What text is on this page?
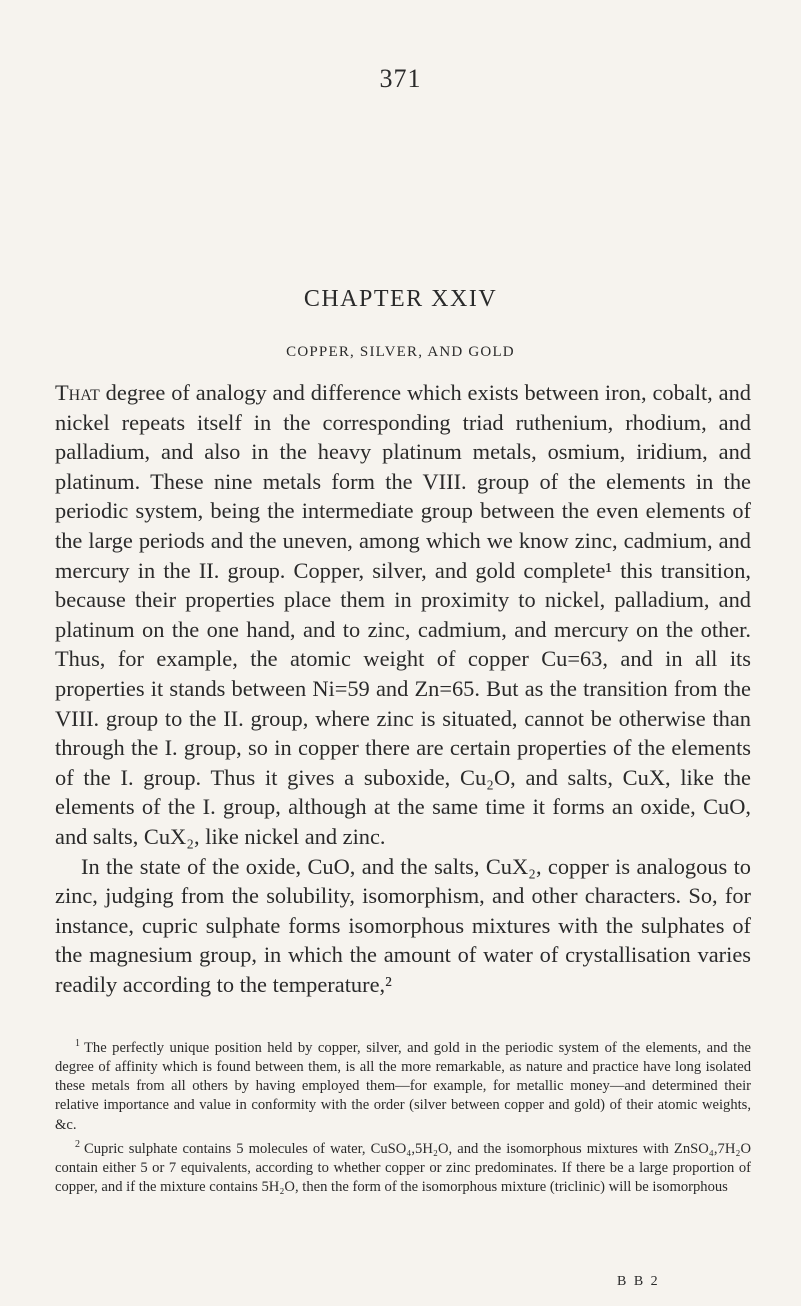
371
CHAPTER XXIV
COPPER, SILVER, AND GOLD

That degree of analogy and difference which exists between iron, cobalt, and nickel repeats itself in the corresponding triad ruthenium, rhodium, and palladium, and also in the heavy platinum metals, osmium, iridium, and platinum. These nine metals form the VIII. group of the elements in the periodic system, being the intermediate group between the even elements of the large periods and the uneven, among which we know zinc, cadmium, and mercury in the II. group. Copper, silver, and gold complete¹ this transition, because their properties place them in proximity to nickel, palladium, and platinum on the one hand, and to zinc, cadmium, and mercury on the other. Thus, for example, the atomic weight of copper Cu=63, and in all its properties it stands between Ni=59 and Zn=65. But as the transition from the VIII. group to the II. group, where zinc is situated, cannot be otherwise than through the I. group, so in copper there are certain properties of the elements of the I. group. Thus it gives a suboxide, Cu₂O, and salts, CuX, like the elements of the I. group, although at the same time it forms an oxide, CuO, and salts, CuX₂, like nickel and zinc.

In the state of the oxide, CuO, and the salts, CuX₂, copper is analogous to zinc, judging from the solubility, isomorphism, and other characters. So, for instance, cupric sulphate forms isomorphous mixtures with the sulphates of the magnesium group, in which the amount of water of crystallisation varies readily according to the temperature,²

$^1$ The perfectly unique position held by copper, silver, and gold in the periodic system of the elements, and the degree of affinity which is found between them, is all the more remarkable, as nature and practice have long isolated these metals from all others by having employed them—for example, for metallic money—and determined their relative importance and value in conformity with the order (silver between copper and gold) of their atomic weights, &c.

$^2$ Cupric sulphate contains 5 molecules of water, CuSO₄,5H₂O, and the isomorphous mixtures with ZnSO₄,7H₂O contain either 5 or 7 equivalents, according to whether copper or zinc predominates. If there be a large proportion of copper, and if the mixture contains 5H₂O, then the form of the isomorphous mixture (triclinic) will be isomorphous

B B 2
